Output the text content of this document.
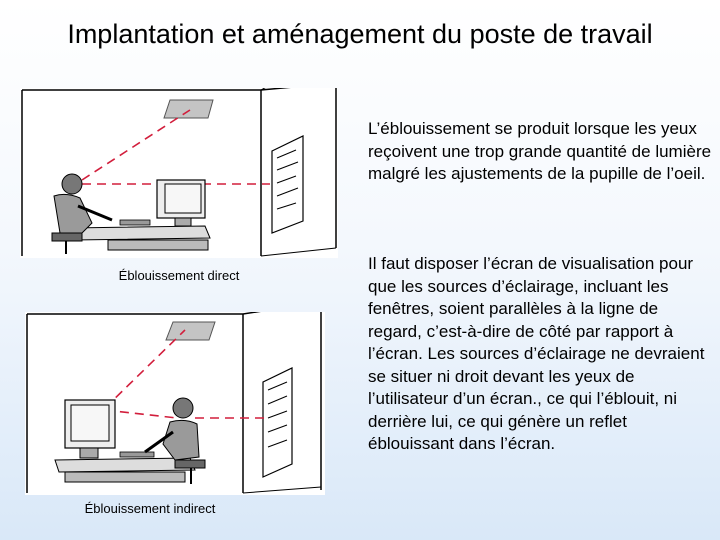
Implantation et aménagement du poste de travail
Éblouissement direct
Éblouissement indirect
L’éblouissement se produit lorsque les yeux reçoivent une trop grande quantité de lumière malgré les ajustements de la pupille de l’oeil.
Il faut disposer l’écran de visualisation pour que les sources d’éclairage, incluant les fenêtres, soient parallèles à la ligne de regard, c’est-à-dire de côté par rapport à l’écran. Les sources d’éclairage ne devraient se situer ni droit devant les yeux de l’utilisateur d’un écran., ce qui l’éblouit, ni derrière lui, ce qui génère un reflet éblouissant dans l’écran.
